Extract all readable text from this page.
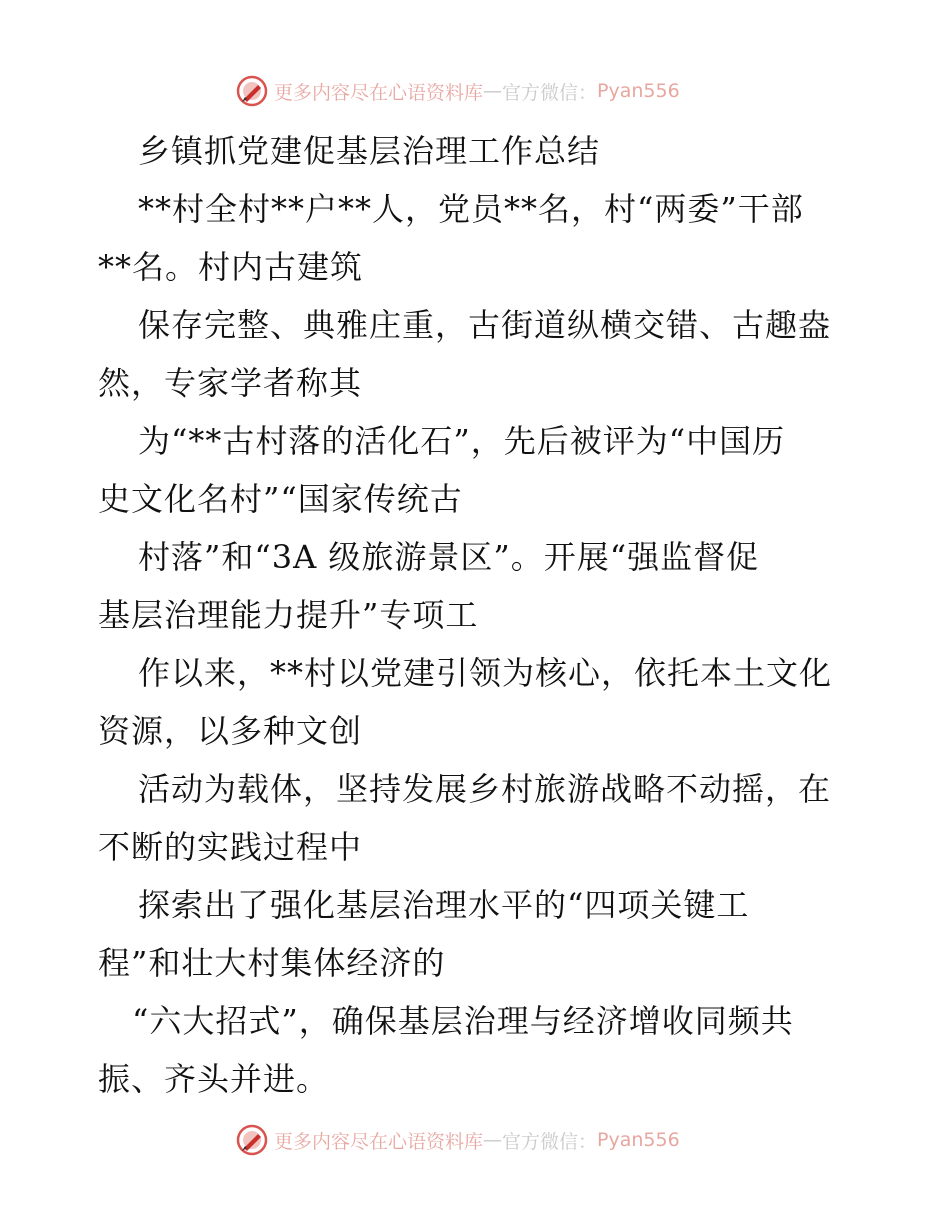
更多内容尽在心语资料库 — 官方微信： Pyan556
乡镇抓党建促基层治理工作总结
**村全村**户**人，党员**名，村“两委”干部
**名。村内古建筑
保存完整、典雅庄重，古街道纵横交错、古趣盎
然，专家学者称其
为“**古村落的活化石”，先后被评为“中国历
史文化名村”“国家传统古
村落”和“3A 级旅游景区”。开展“强监督促
基层治理能力提升”专项工
作以来，**村以党建引领为核心，依托本土文化
资源，以多种文创
活动为载体，坚持发展乡村旅游战略不动摇，在
不断的实践过程中
探索出了强化基层治理水平的“四项关键工
程”和壮大村集体经济的
“六大招式”，确保基层治理与经济增收同频共
振、齐头并进。
更多内容尽在心语资料库 — 官方微信： Pyan556
